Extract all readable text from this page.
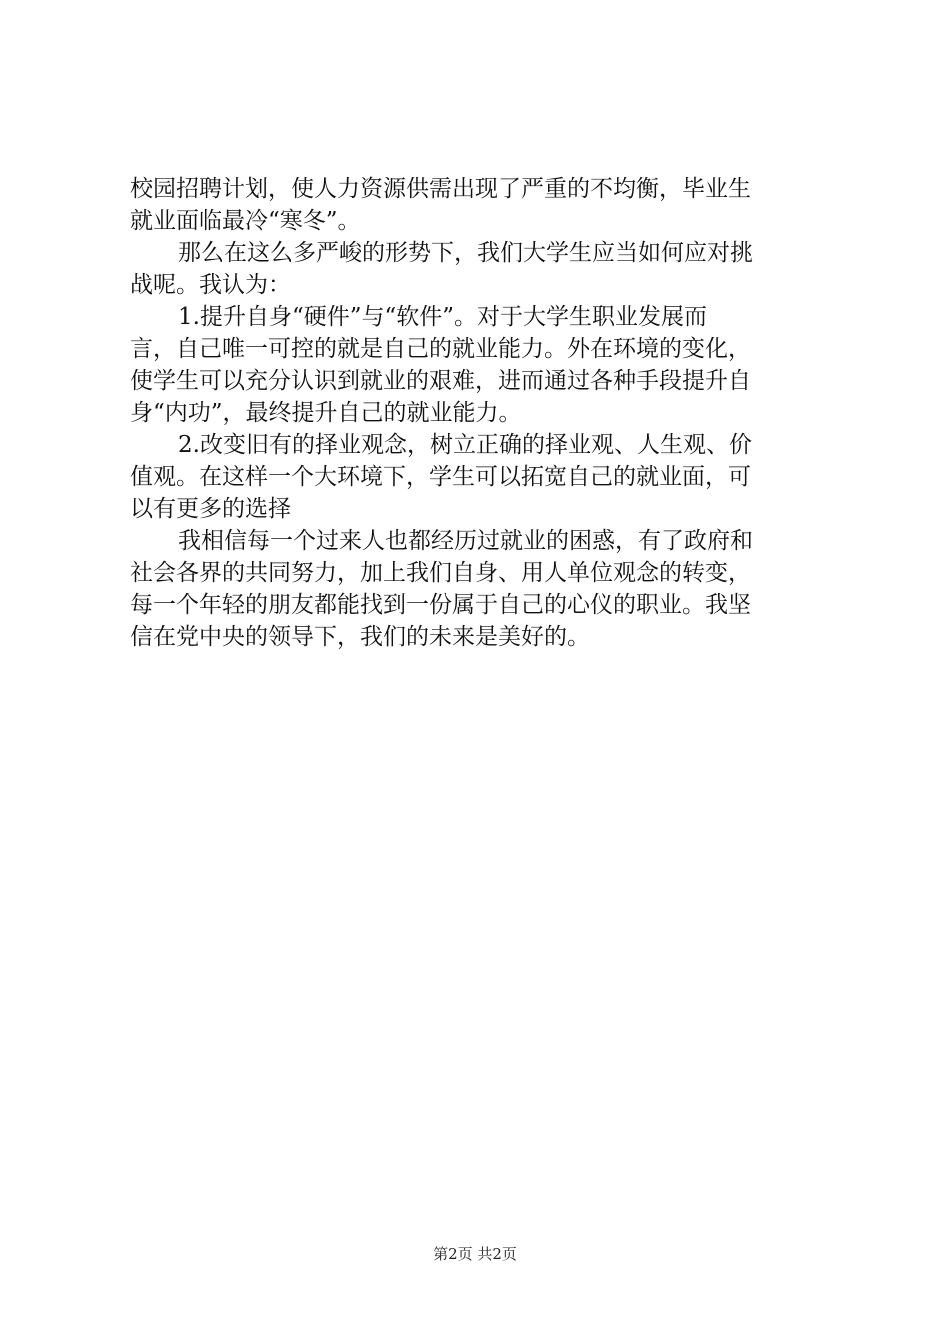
校园招聘计划，使人力资源供需出现了严重的不均衡，毕业生
就业面临最冷“寒冬”。
那么在这么多严峻的形势下，我们大学生应当如何应对挑
战呢。我认为：
1.提升自身“硬件”与“软件”。对于大学生职业发展而
言，自己唯一可控的就是自己的就业能力。外在环境的变化，
使学生可以充分认识到就业的艰难，进而通过各种手段提升自
身“内功”，最终提升自己的就业能力。
2.改变旧有的择业观念，树立正确的择业观、人生观、价
值观。在这样一个大环境下，学生可以拓宽自己的就业面，可
以有更多的选择
我相信每一个过来人也都经历过就业的困惑，有了政府和
社会各界的共同努力，加上我们自身、用人单位观念的转变，
每一个年轻的朋友都能找到一份属于自己的心仪的职业。我坚
信在党中央的领导下，我们的未来是美好的。
第2页 共2页
